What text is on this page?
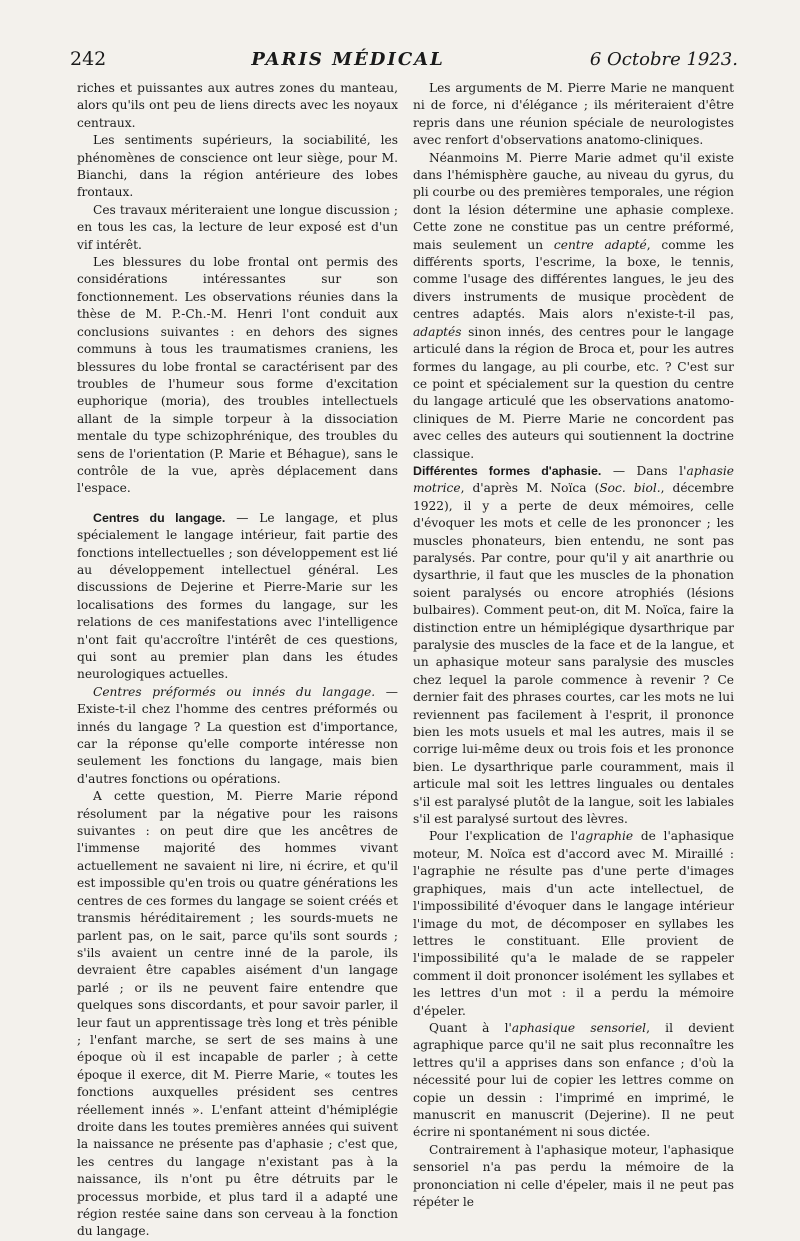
242	PARIS MÉDICAL	6 Octobre 1923.

riches et puissantes aux autres zones du manteau, alors qu'ils ont peu de liens directs avec les noyaux centraux.

Les sentiments supérieurs, la sociabilité, les phénomènes de conscience ont leur siège, pour M. Bianchi, dans la région antérieure des lobes frontaux.

Ces travaux mériteraient une longue discussion ; en tous les cas, la lecture de leur exposé est d'un vif intérêt.

Les blessures du lobe frontal ont permis des considérations intéressantes sur son fonctionnement. Les observations réunies dans la thèse de M. P.-Ch.-M. Henri l'ont conduit aux conclusions suivantes : en dehors des signes communs à tous les traumatismes craniens, les blessures du lobe frontal se caractérisent par des troubles de l'humeur sous forme d'excitation euphorique (moria), des troubles intellectuels allant de la simple torpeur à la dissociation mentale du type schizophrénique, des troubles du sens de l'orientation (P. Marie et Béhague), sans le contrôle de la vue, après déplacement dans l'espace.

Centres du langage. — Le langage, et plus spécialement le langage intérieur, fait partie des fonctions intellectuelles ; son développement est lié au développement intellectuel général. Les discussions de Dejerine et Pierre-Marie sur les localisations des formes du langage, sur les relations de ces manifestations avec l'intelligence n'ont fait qu'accroître l'intérêt de ces questions, qui sont au premier plan dans les études neurologiques actuelles.

Centres préformés ou innés du langage. — Existe-t-il chez l'homme des centres préformés ou innés du langage ? La question est d'importance, car la réponse qu'elle comporte intéresse non seulement les fonctions du langage, mais bien d'autres fonctions ou opérations.

A cette question, M. Pierre Marie répond résolument par la négative pour les raisons suivantes : on peut dire que les ancêtres de l'immense majorité des hommes vivant actuellement ne savaient ni lire, ni écrire, et qu'il est impossible qu'en trois ou quatre générations les centres de ces formes du langage se soient créés et transmis héréditairement ; les sourds-muets ne parlent pas, on le sait, parce qu'ils sont sourds ; s'ils avaient un centre inné de la parole, ils devraient être capables aisément d'un langage parlé ; or ils ne peuvent faire entendre que quelques sons discordants, et pour savoir parler, il leur faut un apprentissage très long et très pénible ; l'enfant marche, se sert de ses mains à une époque où il est incapable de parler ; à cette époque il exerce, dit M. Pierre Marie, « toutes les fonctions auxquelles président ses centres réellement innés ». L'enfant atteint d'hémiplégie droite dans les toutes premières années qui suivent la naissance ne présente pas d'aphasie ; c'est que, les centres du langage n'existant pas à la naissance, ils n'ont pu être détruits par le processus morbide, et plus tard il a adapté une région restée saine dans son cerveau à la fonction du langage.

Les arguments de M. Pierre Marie ne manquent ni de force, ni d'élégance ; ils mériteraient d'être repris dans une réunion spéciale de neurologistes avec renfort d'observations anatomo-cliniques.

Néanmoins M. Pierre Marie admet qu'il existe dans l'hémisphère gauche, au niveau du gyrus, du pli courbe ou des premières temporales, une région dont la lésion détermine une aphasie complexe. Cette zone ne constitue pas un centre préformé, mais seulement un centre adapté, comme les différents sports, l'escrime, la boxe, le tennis, comme l'usage des différentes langues, le jeu des divers instruments de musique procèdent de centres adaptés. Mais alors n'existe-t-il pas, adaptés sinon innés, des centres pour le langage articulé dans la région de Broca et, pour les autres formes du langage, au pli courbe, etc. ? C'est sur ce point et spécialement sur la question du centre du langage articulé que les observations anatomo-cliniques de M. Pierre Marie ne concordent pas avec celles des auteurs qui soutiennent la doctrine classique.

Différentes formes d'aphasie. — Dans l'aphasie motrice, d'après M. Noïca (Soc. biol., décembre 1922), il y a perte de deux mémoires, celle d'évoquer les mots et celle de les prononcer ; les muscles phonateurs, bien entendu, ne sont pas paralysés. Par contre, pour qu'il y ait anarthrie ou dysarthrie, il faut que les muscles de la phonation soient paralysés ou encore atrophiés (lésions bulbaires). Comment peut-on, dit M. Noïca, faire la distinction entre un hémiplégique dysarthrique par paralysie des muscles de la face et de la langue, et un aphasique moteur sans paralysie des muscles chez lequel la parole commence à revenir ? Ce dernier fait des phrases courtes, car les mots ne lui reviennent pas facilement à l'esprit, il prononce bien les mots usuels et mal les autres, mais il se corrige lui-même deux ou trois fois et les prononce bien. Le dysarthrique parle couramment, mais il articule mal soit les lettres linguales ou dentales s'il est paralysé plutôt de la langue, soit les labiales s'il est paralysé surtout des lèvres.

Pour l'explication de l'agraphie de l'aphasique moteur, M. Noïca est d'accord avec M. Miraillé : l'agraphie ne résulte pas d'une perte d'images graphiques, mais d'un acte intellectuel, de l'impossibilité d'évoquer dans le langage intérieur l'image du mot, de décomposer en syllabes les lettres le constituant. Elle provient de l'impossibilité qu'a le malade de se rappeler comment il doit prononcer isolément les syllabes et les lettres d'un mot : il a perdu la mémoire d'épeler.

Quant à l'aphasique sensoriel, il devient agraphique parce qu'il ne sait plus reconnaître les lettres qu'il a apprises dans son enfance ; d'où la nécessité pour lui de copier les lettres comme on copie un dessin : l'imprimé en imprimé, le manuscrit en manuscrit (Dejerine). Il ne peut écrire ni spontanément ni sous dictée.

Contrairement à l'aphasique moteur, l'aphasique sensoriel n'a pas perdu la mémoire de la prononciation ni celle d'épeler, mais il ne peut pas répéter le
